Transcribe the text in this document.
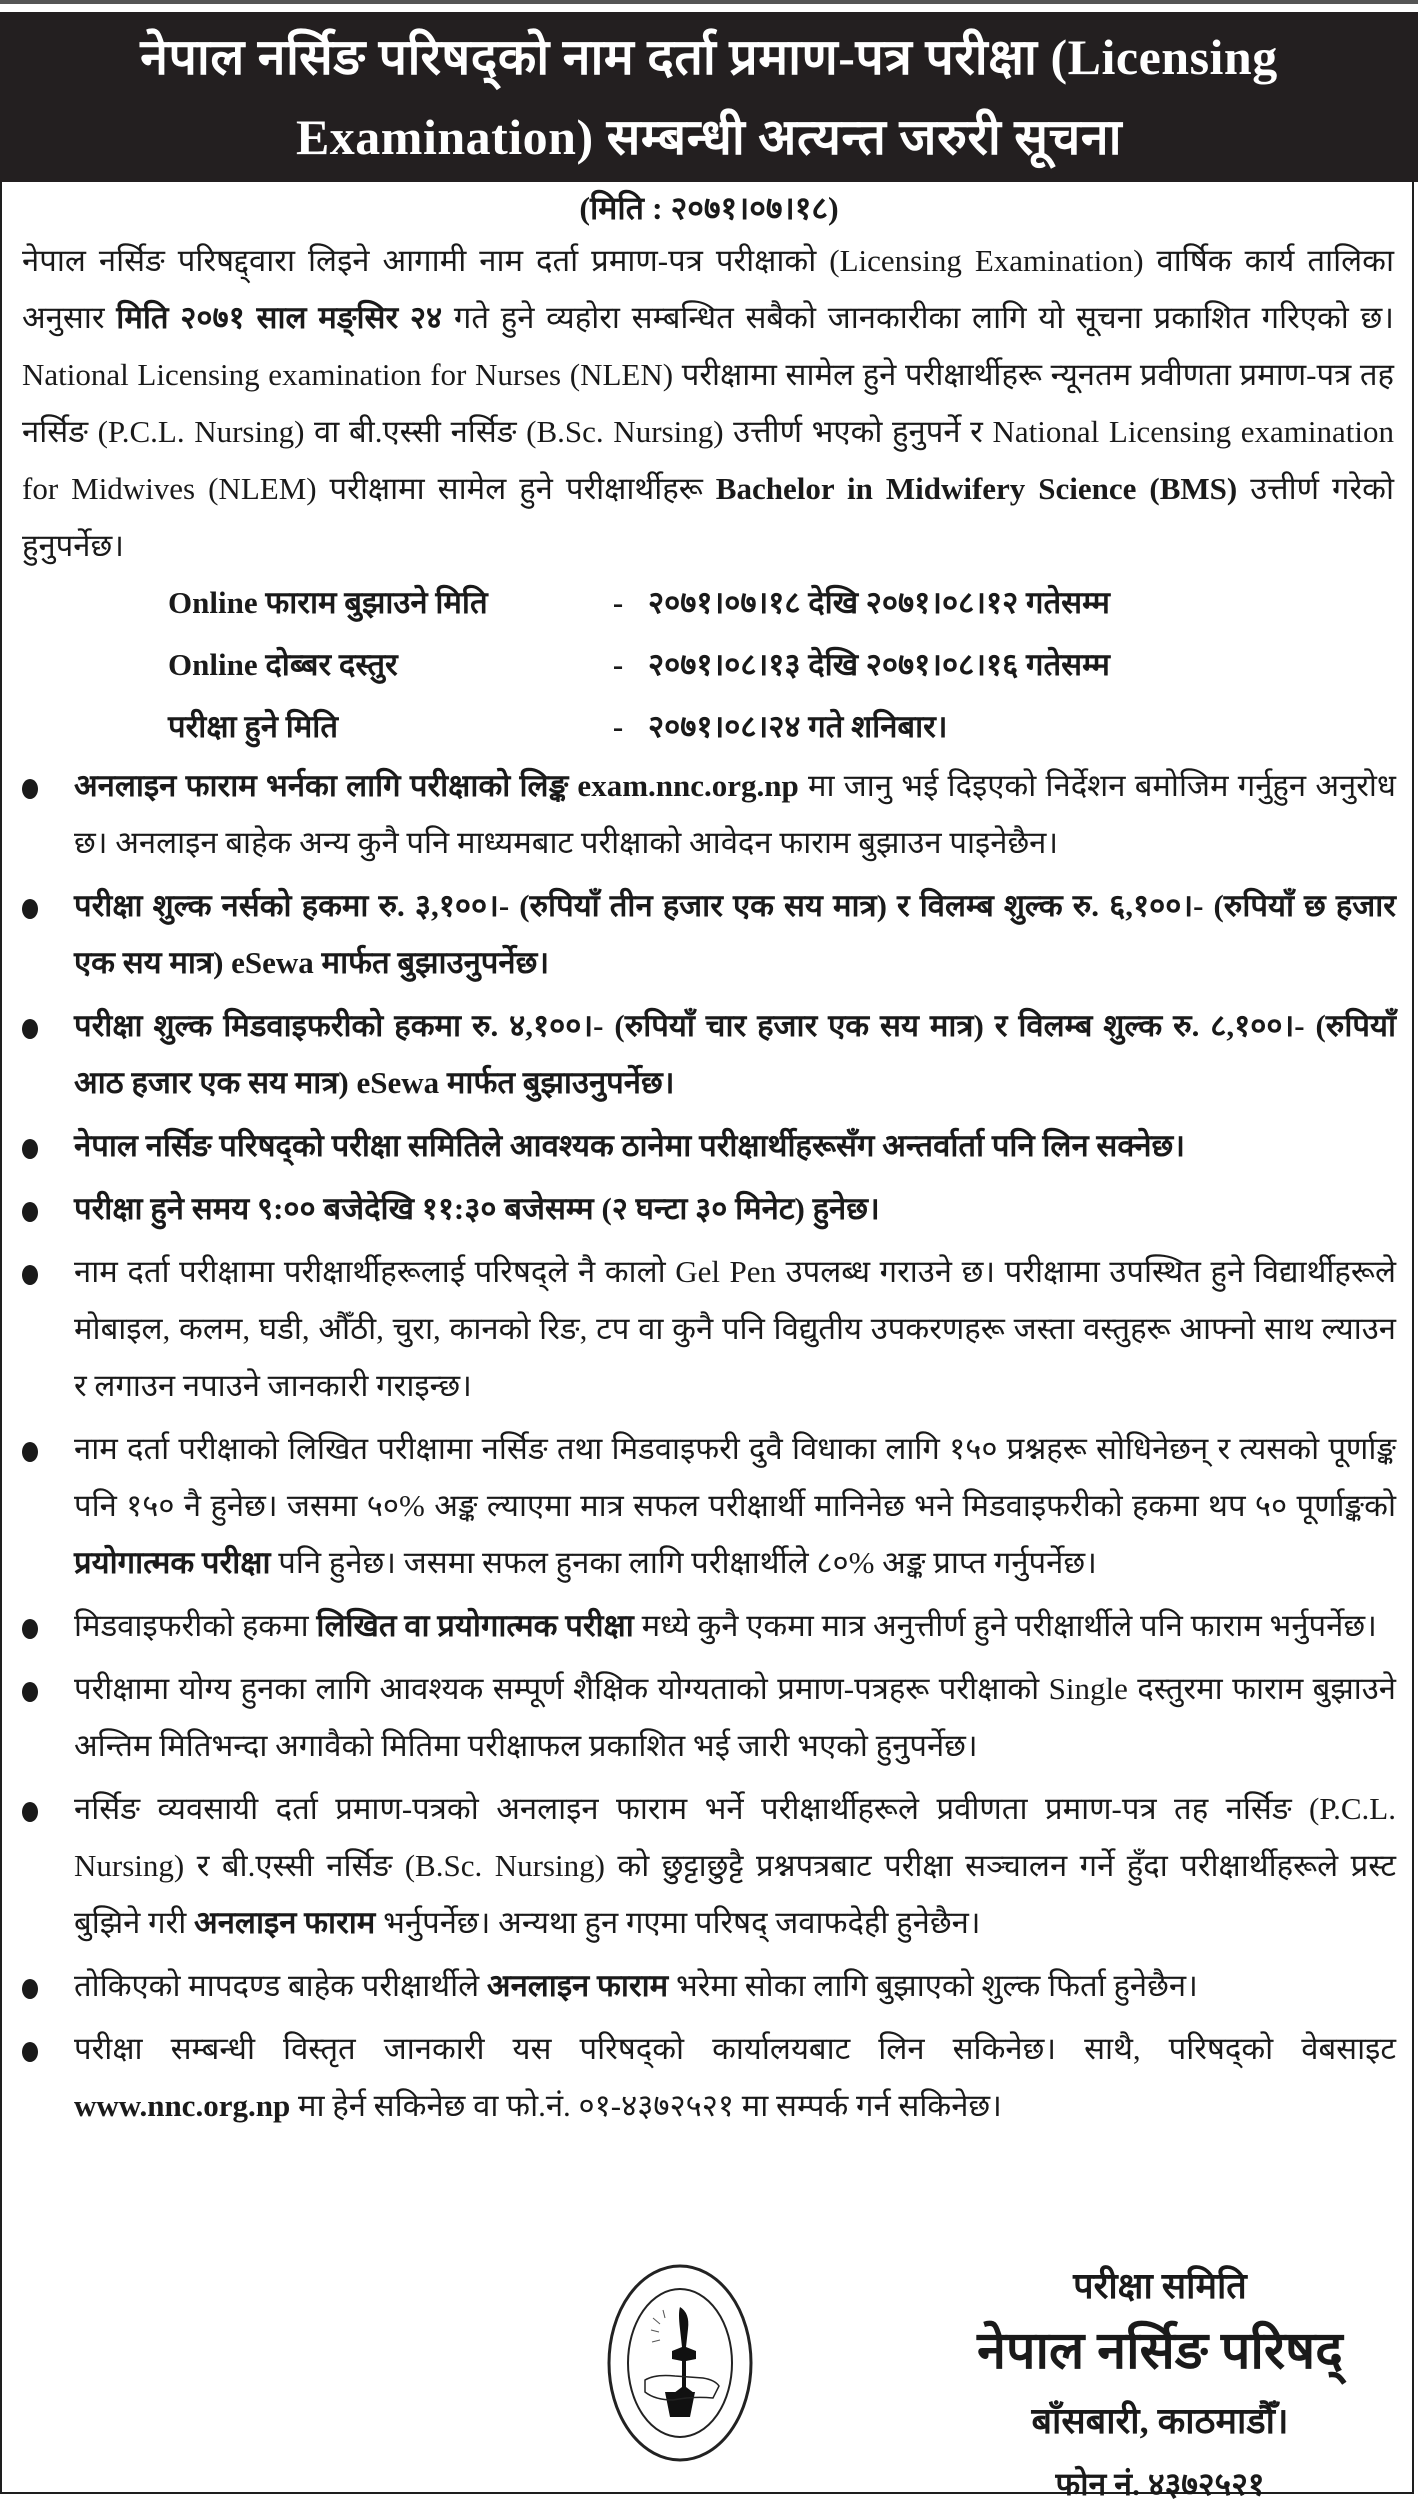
नेपाल नर्सिङ परिषद्को नाम दर्ता प्रमाण-पत्र परीक्षा (Licensing
Examination) सम्बन्धी अत्यन्त जरुरी सूचना
(मिति : २०७१।०७।१८)
नेपाल नर्सिङ परिषद्द्वारा लिइने आगामी नाम दर्ता प्रमाण-पत्र परीक्षाको (Licensing Examination) वार्षिक कार्य तालिका अनुसार मिति २०७१ साल मङ्सिर २४ गते हुने व्यहोरा सम्बन्धित सबैको जानकारीका लागि यो सूचना प्रकाशित गरिएको छ। National Licensing examination for Nurses (NLEN) परीक्षामा सामेल हुने परीक्षार्थीहरू न्यूनतम प्रवीणता प्रमाण-पत्र तह नर्सिङ (P.C.L. Nursing) वा बी.एस्सी नर्सिङ (B.Sc. Nursing) उत्तीर्ण भएको हुनुपर्ने र National Licensing examination for Midwives (NLEM) परीक्षामा सामेल हुने परीक्षार्थीहरू Bachelor in Midwifery Science (BMS) उत्तीर्ण गरेको हुनुपर्नेछ।
Online फाराम बुझाउने मिति	- २०७१।०७।१८ देखि २०७१।०८।१२ गतेसम्म
Online दोब्बर दस्तुर	- २०७१।०८।१३ देखि २०७१।०८।१६ गतेसम्म
परीक्षा हुने मिति	- २०७१।०८।२४ गते शनिबार।
अनलाइन फाराम भर्नका लागि परीक्षाको लिङ्क exam.nnc.org.np मा जानु भई दिइएको निर्देशन बमोजिम गर्नुहुन अनुरोध छ। अनलाइन बाहेक अन्य कुनै पनि माध्यमबाट परीक्षाको आवेदन फाराम बुझाउन पाइनेछैन।
परीक्षा शुल्क नर्सको हकमा रु. ३,१००।- (रुपियाँ तीन हजार एक सय मात्र) र विलम्ब शुल्क रु. ६,१००।- (रुपियाँ छ हजार एक सय मात्र) eSewa मार्फत बुझाउनुपर्नेछ।
परीक्षा शुल्क मिडवाइफरीको हकमा रु. ४,१००।- (रुपियाँ चार हजार एक सय मात्र) र विलम्ब शुल्क रु. ८,१००।- (रुपियाँ आठ हजार एक सय मात्र) eSewa मार्फत बुझाउनुपर्नेछ।
नेपाल नर्सिङ परिषद्को परीक्षा समितिले आवश्यक ठानेमा परीक्षार्थीहरूसँग अन्तर्वार्ता पनि लिन सक्नेछ।
परीक्षा हुने समय ९:०० बजेदेखि ११:३० बजेसम्म (२ घन्टा ३० मिनेट) हुनेछ।
नाम दर्ता परीक्षामा परीक्षार्थीहरूलाई परिषद्ले नै कालो Gel Pen उपलब्ध गराउने छ। परीक्षामा उपस्थित हुने विद्यार्थीहरूले मोबाइल, कलम, घडी, औँठी, चुरा, कानको रिङ, टप वा कुनै पनि विद्युतीय उपकरणहरू जस्ता वस्तुहरू आफ्नो साथ ल्याउन र लगाउन नपाउने जानकारी गराइन्छ।
नाम दर्ता परीक्षाको लिखित परीक्षामा नर्सिङ तथा मिडवाइफरी दुवै विधाका लागि १५० प्रश्नहरू सोधिनेछन् र त्यसको पूर्णाङ्क पनि १५० नै हुनेछ। जसमा ५०% अङ्क ल्याएमा मात्र सफल परीक्षार्थी मानिनेछ भने मिडवाइफरीको हकमा थप ५० पूर्णाङ्कको प्रयोगात्मक परीक्षा पनि हुनेछ। जसमा सफल हुनका लागि परीक्षार्थीले ८०% अङ्क प्राप्त गर्नुपर्नेछ।
मिडवाइफरीको हकमा लिखित वा प्रयोगात्मक परीक्षा मध्ये कुनै एकमा मात्र अनुत्तीर्ण हुने परीक्षार्थीले पनि फाराम भर्नुपर्नेछ।
परीक्षामा योग्य हुनका लागि आवश्यक सम्पूर्ण शैक्षिक योग्यताको प्रमाण-पत्रहरू परीक्षाको Single दस्तुरमा फाराम बुझाउने अन्तिम मितिभन्दा अगावैको मितिमा परीक्षाफल प्रकाशित भई जारी भएको हुनुपर्नेछ।
नर्सिङ व्यवसायी दर्ता प्रमाण-पत्रको अनलाइन फाराम भर्ने परीक्षार्थीहरूले प्रवीणता प्रमाण-पत्र तह नर्सिङ (P.C.L. Nursing) र बी.एस्सी नर्सिङ (B.Sc. Nursing) को छुट्टाछुट्टै प्रश्नपत्रबाट परीक्षा सञ्चालन गर्ने हुँदा परीक्षार्थीहरूले प्रस्ट बुझिने गरी अनलाइन फाराम भर्नुपर्नेछ। अन्यथा हुन गएमा परिषद् जवाफदेही हुनेछैन।
तोकिएको मापदण्ड बाहेक परीक्षार्थीले अनलाइन फाराम भरेमा सोका लागि बुझाएको शुल्क फिर्ता हुनेछैन।
परीक्षा सम्बन्धी विस्तृत जानकारी यस परिषद्को कार्यालयबाट लिन सकिनेछ। साथै, परिषद्को वेबसाइट www.nnc.org.np मा हेर्न सकिनेछ वा फो.नं. ०१-४३७२५२१ मा सम्पर्क गर्न सकिनेछ।
परीक्षा समिति
नेपाल नर्सिङ परिषद्
बाँसबारी, काठमाडौँ।
फोन नं. ४३७२५२१
